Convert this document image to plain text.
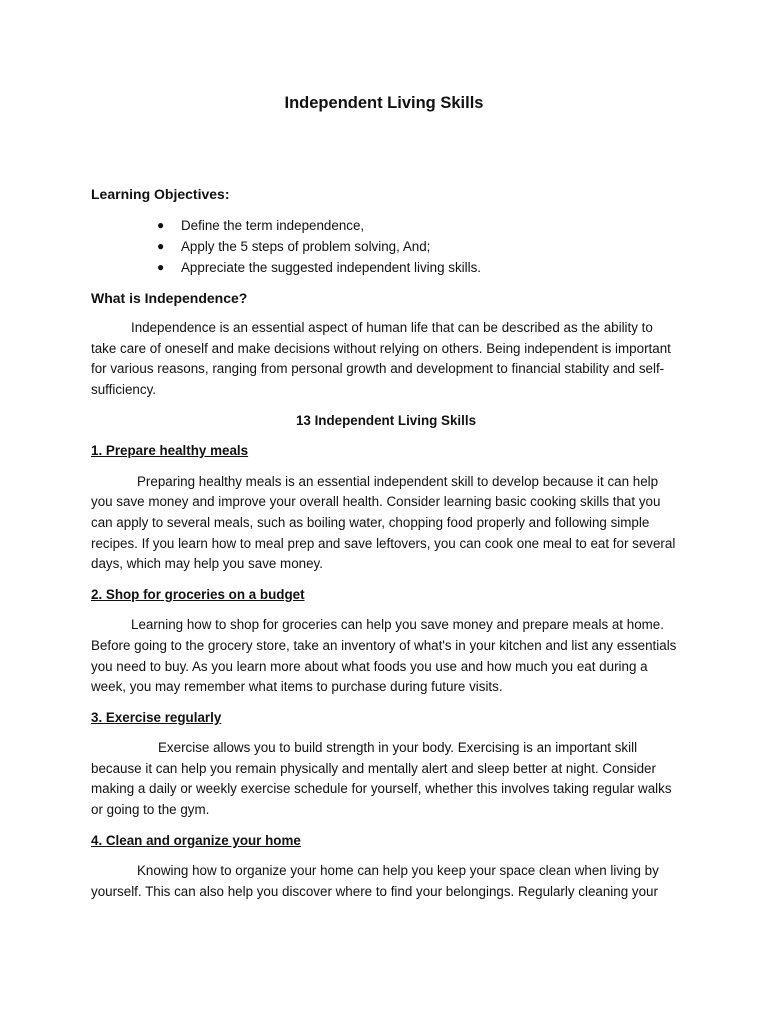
Independent Living Skills
Learning Objectives:
● Define the term independence,
● Apply the 5 steps of problem solving, And;
● Appreciate the suggested independent living skills.
What is Independence?

Independence is an essential aspect of human life that can be described as the ability to take care of oneself and make decisions without relying on others. Being independent is important for various reasons, ranging from personal growth and development to financial stability and self-sufficiency.

13 Independent Living Skills
1. Prepare healthy meals

Preparing healthy meals is an essential independent skill to develop because it can help you save money and improve your overall health. Consider learning basic cooking skills that you can apply to several meals, such as boiling water, chopping food properly and following simple recipes. If you learn how to meal prep and save leftovers, you can cook one meal to eat for several days, which may help you save money.

2. Shop for groceries on a budget

Learning how to shop for groceries can help you save money and prepare meals at home. Before going to the grocery store, take an inventory of what's in your kitchen and list any essentials you need to buy. As you learn more about what foods you use and how much you eat during a week, you may remember what items to purchase during future visits.

3. Exercise regularly

Exercise allows you to build strength in your body. Exercising is an important skill because it can help you remain physically and mentally alert and sleep better at night. Consider making a daily or weekly exercise schedule for yourself, whether this involves taking regular walks or going to the gym.

4. Clean and organize your home

Knowing how to organize your home can help you keep your space clean when living by yourself. This can also help you discover where to find your belongings. Regularly cleaning your
